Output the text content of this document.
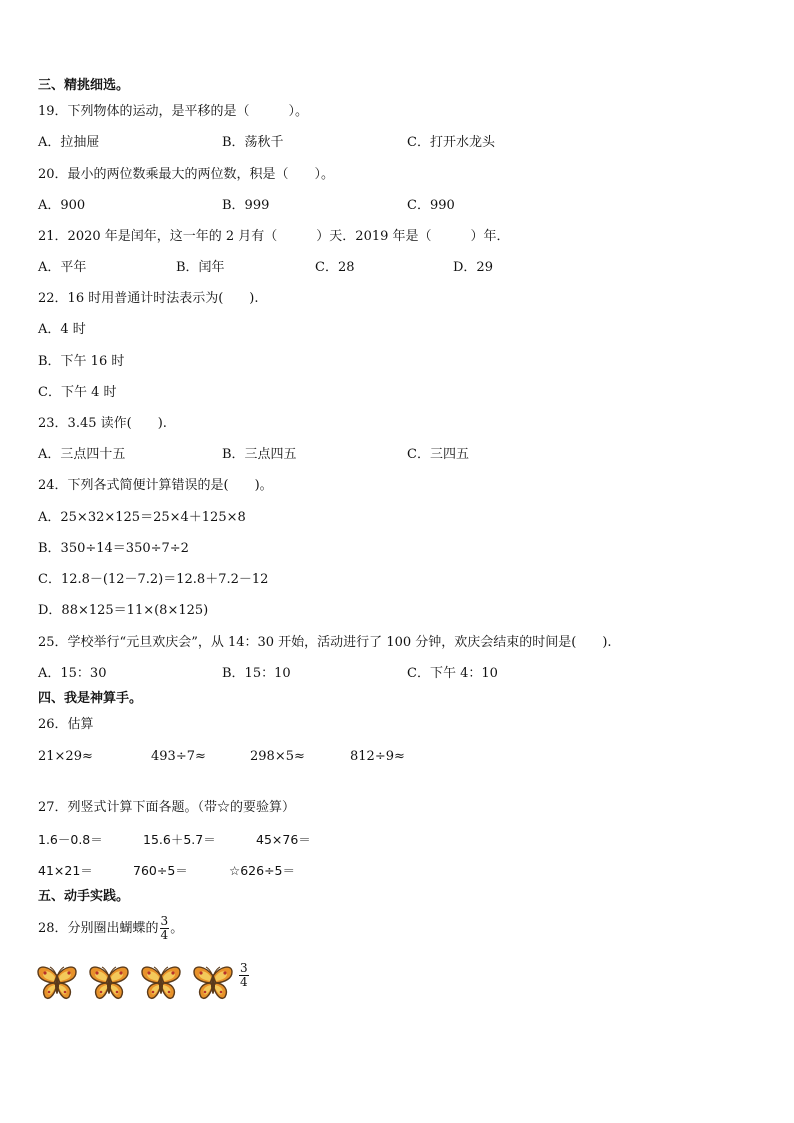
三、精挑细选。
19．下列物体的运动，是平移的是（　　　）。
A．拉抽屉	B．荡秋千	C．打开水龙头
20．最小的两位数乘最大的两位数，积是（　　）。
A．900	B．999	C．990
21．2020 年是闰年，这一年的 2 月有（　　　）天．2019 年是（　　　）年．
A．平年	B．闰年	C．28	D．29
22．16 时用普通计时法表示为(　　).
A．4 时
B．下午 16 时
C．下午 4 时
23．3.45 读作(　　).
A．三点四十五	B．三点四五	C．三四五
24．下列各式简便计算错误的是(　　)。
A．25×32×125＝25×4＋125×8
B．350÷14＝350÷7÷2
C．12.8－(12－7.2)＝12.8＋7.2－12
D．88×125＝11×(8×125)
25．学校举行“元旦欢庆会”，从 14：30 开始，活动进行了 100 分钟，欢庆会结束的时间是(　　).
A．15：30	B．15：10	C．下午 4：10
四、我是神算手。
26．估算
21×29≈	493÷7≈	298×5≈	812÷9≈
27．列竖式计算下面各题。（带☆的要验算）
1.6－0.8＝	15.6＋5.7＝	45×76＝
41×21＝	760÷5＝	☆626÷5＝
五、动手实践。
28．分别圈出蝴蝶的 $\frac{3}{4}$ 。
$\frac{3}{4}$
